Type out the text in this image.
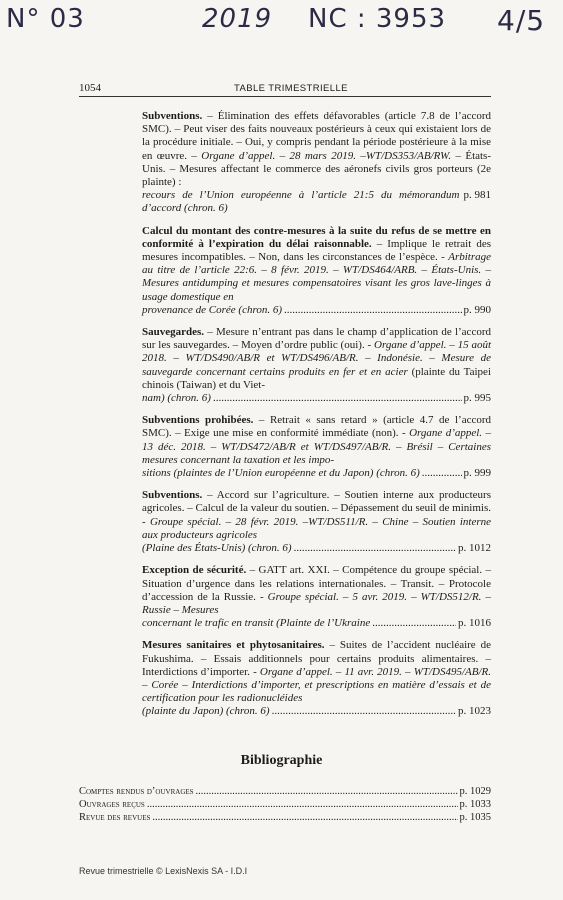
N° 03	2019 NC : 3953 4/5
1054	TABLE TRIMESTRIELLE
Subventions. – Élimination des effets défavorables (article 7.8 de l’accord SMC). – Peut viser des faits nouveaux postérieurs à ceux qui existaient lors de la procédure initiale. – Oui, y compris pendant la période postérieure à la mise en œuvre. – Organe d’appel. – 28 mars 2019. –WT/DS353/AB/RW. – États-Unis. – Mesures affectant le commerce des aéronefs civils gros porteurs (2e plainte) :
recours de l’Union européenne à l’article 21:5 du mémorandum d’accord (chron. 6)
p. 981
Calcul du montant des contre-mesures à la suite du refus de se mettre en conformité à l’expiration du délai raisonnable. – Implique le retrait des mesures incompatibles. – Non, dans les circonstances de l’espèce. - Arbitrage au titre de l’article 22:6. – 8 févr. 2019. – WT/DS464/ARB. – États-Unis. – Mesures antidumping et mesures compensatoires visant les gros lave-linges à usage domestique en
provenance de Corée (chron. 6) .....	p. 990
Sauvegardes. – Mesure n’entrant pas dans le champ d’application de l’accord sur les sauvegardes. – Moyen d’ordre public (oui). - Organe d’appel. – 15 août 2018. – WT/DS490/AB/R et WT/DS496/AB/R. – Indonésie. – Mesure de sauvegarde concernant certains produits en fer et en acier (plainte du Taipei chinois (Taiwan) et du Viet-
nam) (chron. 6) .....	p. 995
Subventions prohibées. – Retrait « sans retard » (article 4.7 de l’accord SMC). – Exige une mise en conformité immédiate (non). - Organe d’appel. – 13 déc. 2018. – WT/DS472/AB/R et WT/DS497/AB/R. – Brésil – Certaines mesures concernant la taxation et les impo-
sitions (plaintes de l’Union européenne et du Japon) (chron. 6) .....	p. 999
Subventions. – Accord sur l’agriculture. – Soutien interne aux producteurs agricoles. – Calcul de la valeur du soutien. – Dépassement du seuil de minimis. - Groupe spécial. – 28 févr. 2019. –WT/DS511/R. – Chine – Soutien interne aux producteurs agricoles
(Plaine des États-Unis) (chron. 6) .....	p. 1012
Exception de sécurité. – GATT art. XXI. – Compétence du groupe spécial. – Situation d’urgence dans les relations internationales. – Transit. – Protocole d’accession de la Russie. - Groupe spécial. – 5 avr. 2019. – WT/DS512/R. – Russie – Mesures
concernant le trafic en transit (Plainte de l’Ukraine .....	p. 1016
Mesures sanitaires et phytosanitaires. – Suites de l’accident nucléaire de Fukushima. – Essais additionnels pour certains produits alimentaires. – Interdictions d’importer. - Organe d’appel. – 11 avr. 2019. – WT/DS495/AB/R. – Corée – Interdictions d’importer, et prescriptions en matière d’essais et de certification pour les radionucléides
(plainte du Japon) (chron. 6) .....	p. 1023
Bibliographie
Comptes rendus d’ouvrages .....	p. 1029
Ouvrages reçus .....	p. 1033
Revue des revues .....	p. 1035
Revue trimestrielle © LexisNexis SA - I.D.I
